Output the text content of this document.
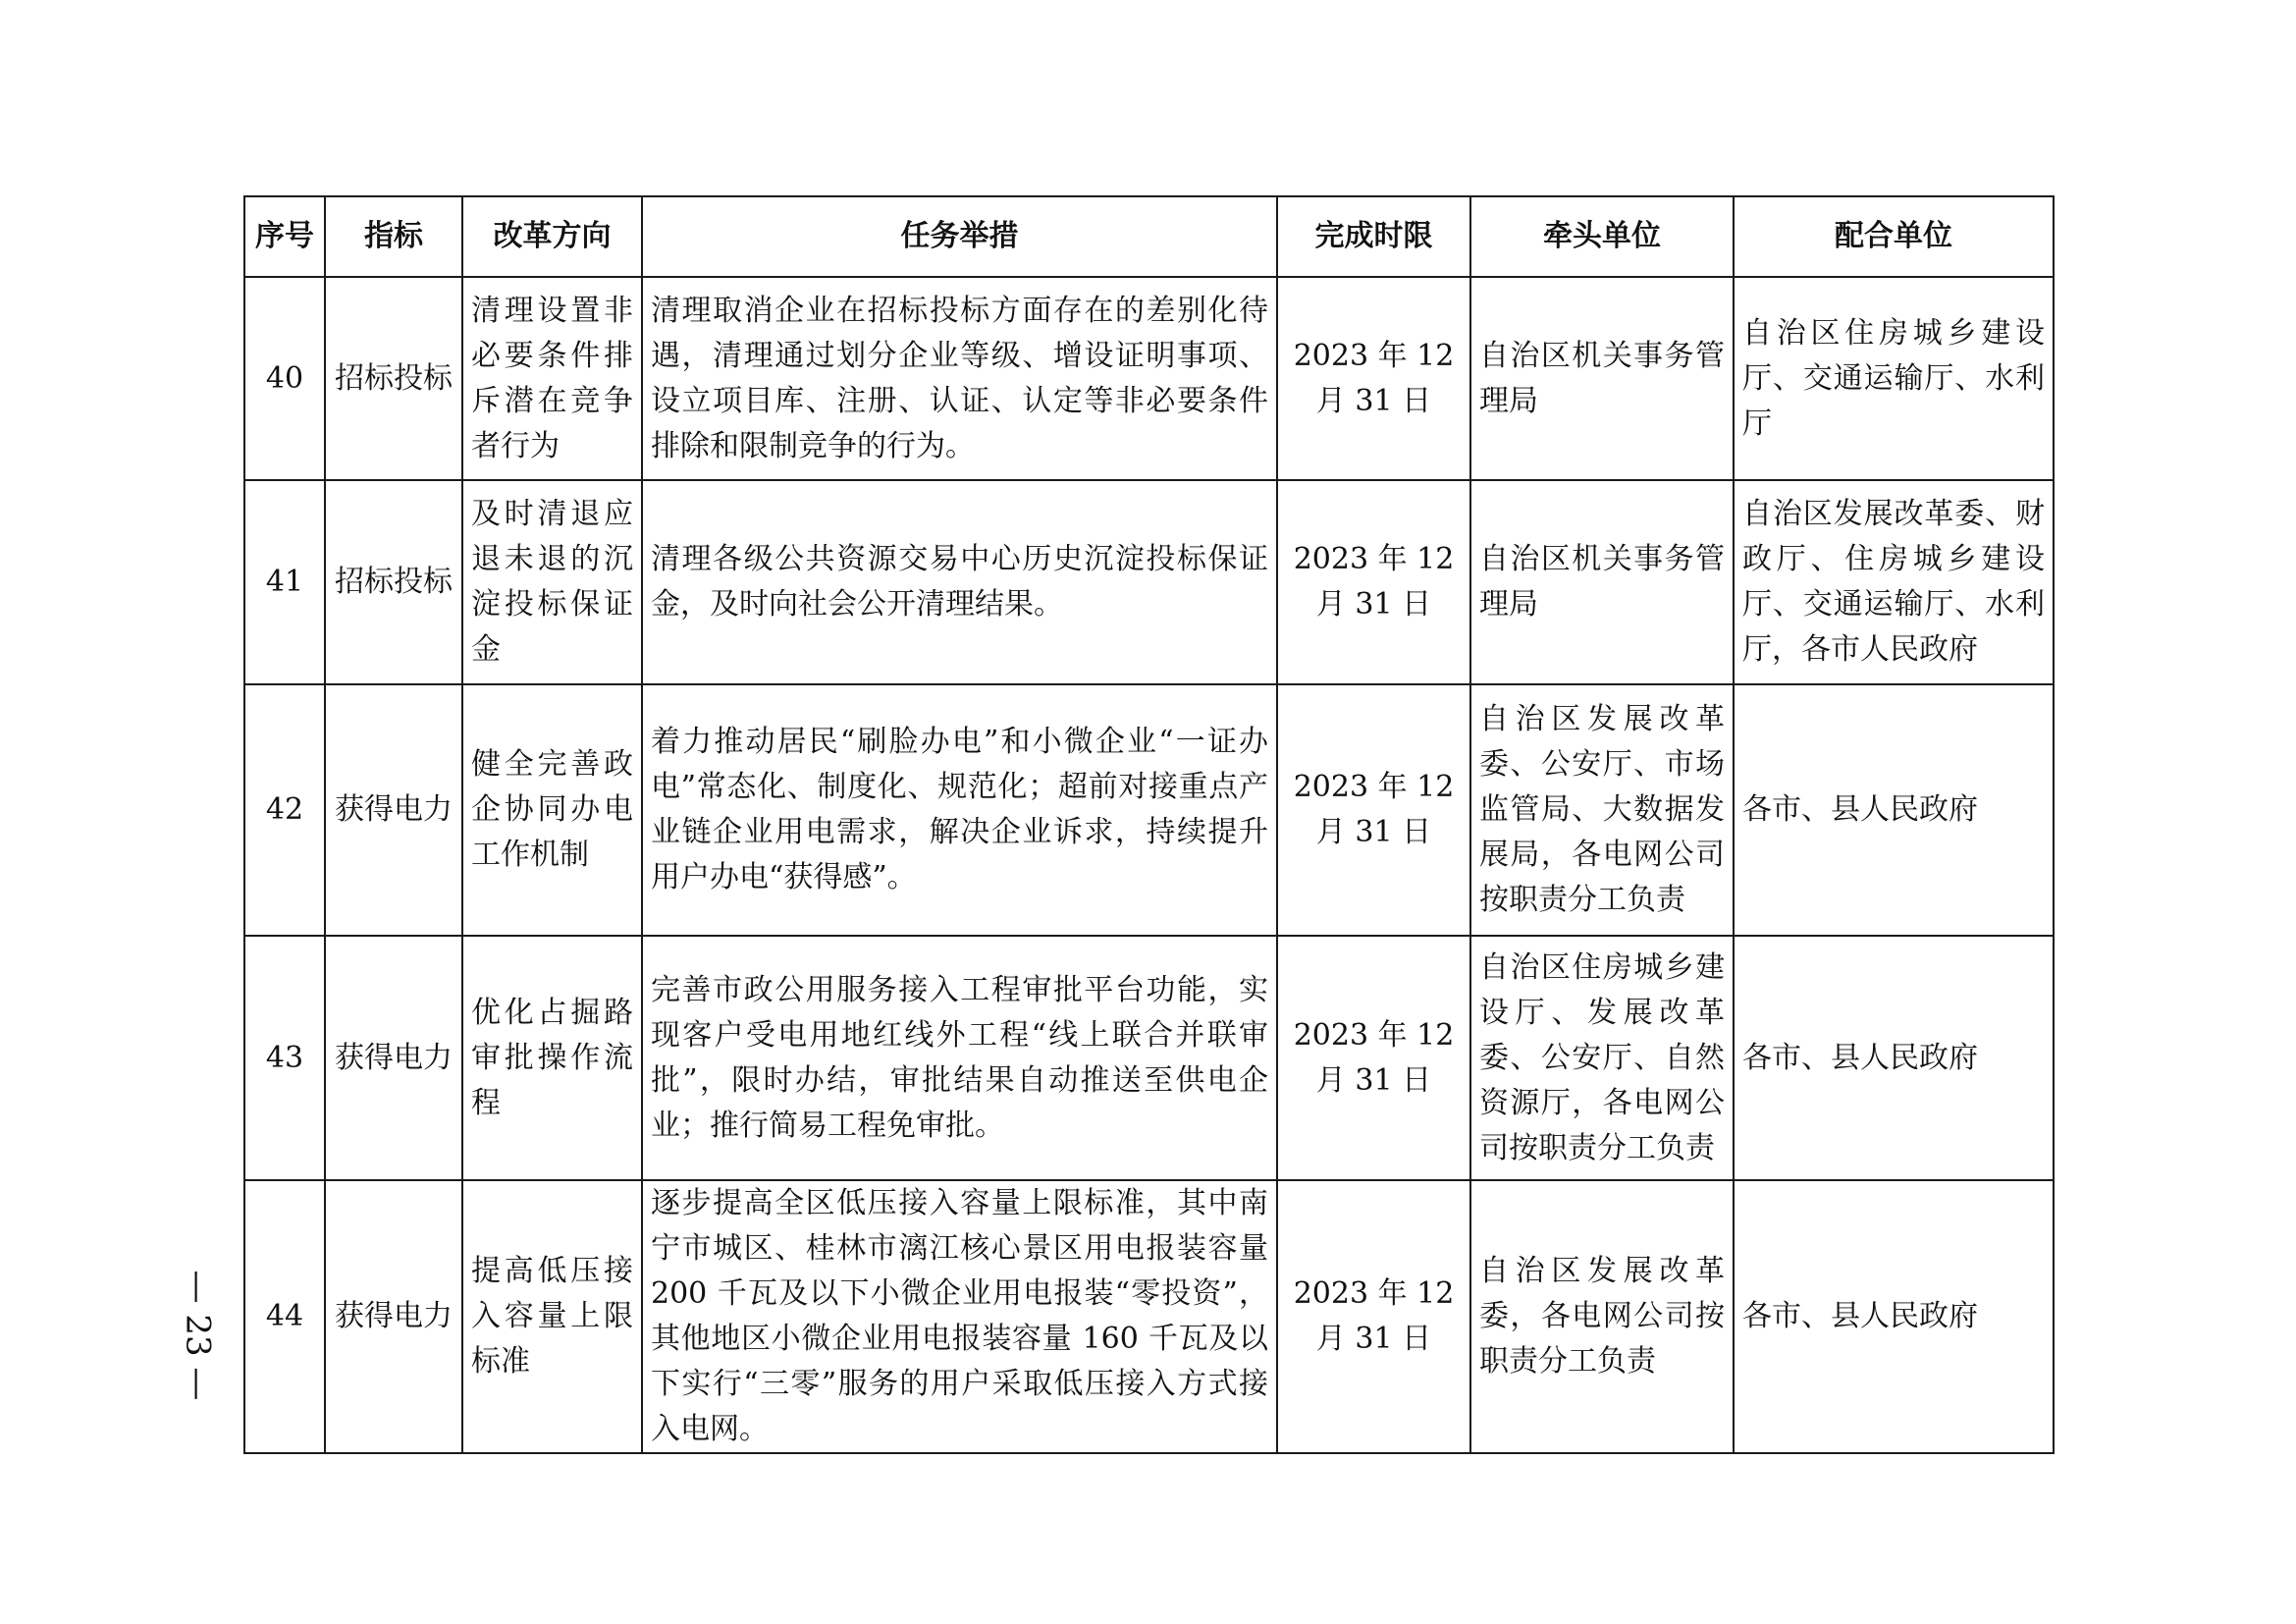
序号	指标	改革方向	任务举措	完成时限	牵头单位	配合单位
40	招标投标	清理设置非必要条件排斥潜在竞争者行为	清理取消企业在招标投标方面存在的差别化待遇，清理通过划分企业等级、增设证明事项、设立项目库、注册、认证、认定等非必要条件排除和限制竞争的行为。	2023 年 12 月 31 日	自治区机关事务管理局	自治区住房城乡建设厅、交通运输厅、水利厅
41	招标投标	及时清退应退未退的沉淀投标保证金	清理各级公共资源交易中心历史沉淀投标保证金，及时向社会公开清理结果。	2023 年 12 月 31 日	自治区机关事务管理局	自治区发展改革委、财政厅、住房城乡建设厅、交通运输厅、水利厅，各市人民政府
42	获得电力	健全完善政企协同办电工作机制	着力推动居民“刷脸办电”和小微企业“一证办电”常态化、制度化、规范化；超前对接重点产业链企业用电需求，解决企业诉求，持续提升用户办电“获得感”。	2023 年 12 月 31 日	自治区发展改革委、公安厅、市场监管局、大数据发展局，各电网公司按职责分工负责	各市、县人民政府
43	获得电力	优化占掘路审批操作流程	完善市政公用服务接入工程审批平台功能，实现客户受电用地红线外工程“线上联合并联审批”，限时办结，审批结果自动推送至供电企业；推行简易工程免审批。	2023 年 12 月 31 日	自治区住房城乡建设厅、发展改革委、公安厅、自然资源厅，各电网公司按职责分工负责	各市、县人民政府
44	获得电力	提高低压接入容量上限标准	逐步提高全区低压接入容量上限标准，其中南宁市城区、桂林市漓江核心景区用电报装容量 200 千瓦及以下小微企业用电报装“零投资”，其他地区小微企业用电报装容量 160 千瓦及以下实行“三零”服务的用户采取低压接入方式接入电网。	2023 年 12 月 31 日	自治区发展改革委，各电网公司按职责分工负责	各市、县人民政府
— 23 —
